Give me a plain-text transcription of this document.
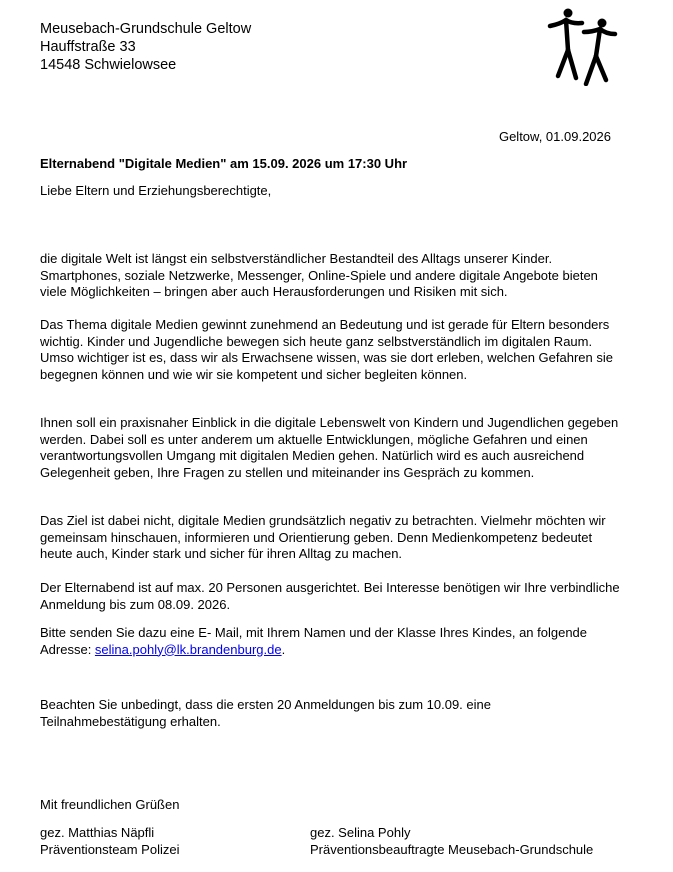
Meusebach-Grundschule Geltow
Hauffstraße 33
14548 Schwielowsee
Geltow, 01.09.2026
Elternabend "Digitale Medien" am 15.09. 2026 um 17:30 Uhr
Liebe Eltern und Erziehungsberechtigte,

die digitale Welt ist längst ein selbstverständlicher Bestandteil des Alltags unserer Kinder. Smartphones, soziale Netzwerke, Messenger, Online-Spiele und andere digitale Angebote bieten viele Möglichkeiten – bringen aber auch Herausforderungen und Risiken mit sich.

Das Thema digitale Medien gewinnt zunehmend an Bedeutung und ist gerade für Eltern besonders wichtig. Kinder und Jugendliche bewegen sich heute ganz selbstverständlich im digitalen Raum. Umso wichtiger ist es, dass wir als Erwachsene wissen, was sie dort erleben, welchen Gefahren sie begegnen können und wie wir sie kompetent und sicher begleiten können.

Ihnen soll ein praxisnaher Einblick in die digitale Lebenswelt von Kindern und Jugendlichen gegeben werden. Dabei soll es unter anderem um aktuelle Entwicklungen, mögliche Gefahren und einen verantwortungsvollen Umgang mit digitalen Medien gehen. Natürlich wird es auch ausreichend Gelegenheit geben, Ihre Fragen zu stellen und miteinander ins Gespräch zu kommen.

Das Ziel ist dabei nicht, digitale Medien grundsätzlich negativ zu betrachten. Vielmehr möchten wir gemeinsam hinschauen, informieren und Orientierung geben. Denn Medienkompetenz bedeutet heute auch, Kinder stark und sicher für ihren Alltag zu machen.

Der Elternabend ist auf max. 20 Personen ausgerichtet. Bei Interesse benötigen wir Ihre verbindliche Anmeldung bis zum 08.09. 2026.

Bitte senden Sie dazu eine E- Mail, mit Ihrem Namen und der Klasse Ihres Kindes, an folgende Adresse: selina.pohly@lk.brandenburg.de.

Beachten Sie unbedingt, dass die ersten 20 Anmeldungen bis zum 10.09. eine Teilnahmebestätigung erhalten.

Mit freundlichen Grüßen
gez. Matthias Näpfli
Präventionsteam Polizei
gez. Selina Pohly
Präventionsbeauftragte Meusebach-Grundschule
